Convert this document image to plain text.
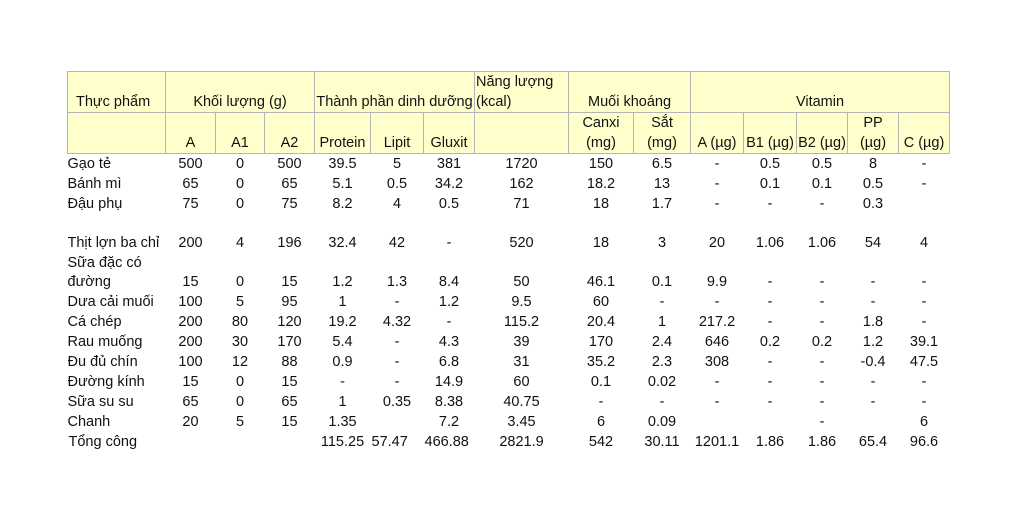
Thực phẩm	Khối lượng (g)			Thành phần dinh dưỡng			Năng lượng (kcal)	Muối khoáng		Vitamin				
	A	A1	A2	Protein	Lipit	Gluxit		Canxi (mg)	Sắt (mg)	A (µg)	B1 (µg)	B2 (µg)	PP (µg)	C (µg)
Gạo tẻ	500	0	500	39.5	5	381	1720	150	6.5	-	0.5	0.5	8	-
Bánh mì	65	0	65	5.1	0.5	34.2	162	18.2	13	-	0.1	0.1	0.5	-
Đậu phụ	75	0	75	8.2	4	0.5	71	18	1.7	-	-	-	0.3	
Thịt lợn ba chỉ	200	4	196	32.4	42	-	520	18	3	20	1.06	1.06	54	4
Sữa đặc có đường	15	0	15	1.2	1.3	8.4	50	46.1	0.1	9.9	-	-	-	-
Dưa cải muối	100	5	95	1	-	1.2	9.5	60	-	-	-	-	-	-
Cá chép	200	80	120	19.2	4.32	-	115.2	20.4	1	217.2	-	-	1.8	-
Rau muống	200	30	170	5.4	-	4.3	39	170	2.4	646	0.2	0.2	1.2	39.1
Đu đủ chín	100	12	88	0.9	-	6.8	31	35.2	2.3	308	-	-	-0.4	47.5
Đường kính	15	0	15	-	-	14.9	60	0.1	0.02	-	-	-	-	-
Sữa su su	65	0	65	1	0.35	8.38	40.75	-	-	-	-	-	-	-
Chanh	20	5	15	1.35		7.2	3.45	6	0.09			-		6
Tổng công				115.25	57.47	466.88	2821.9	542	30.11	1201.1	1.86	1.86	65.4	96.6
